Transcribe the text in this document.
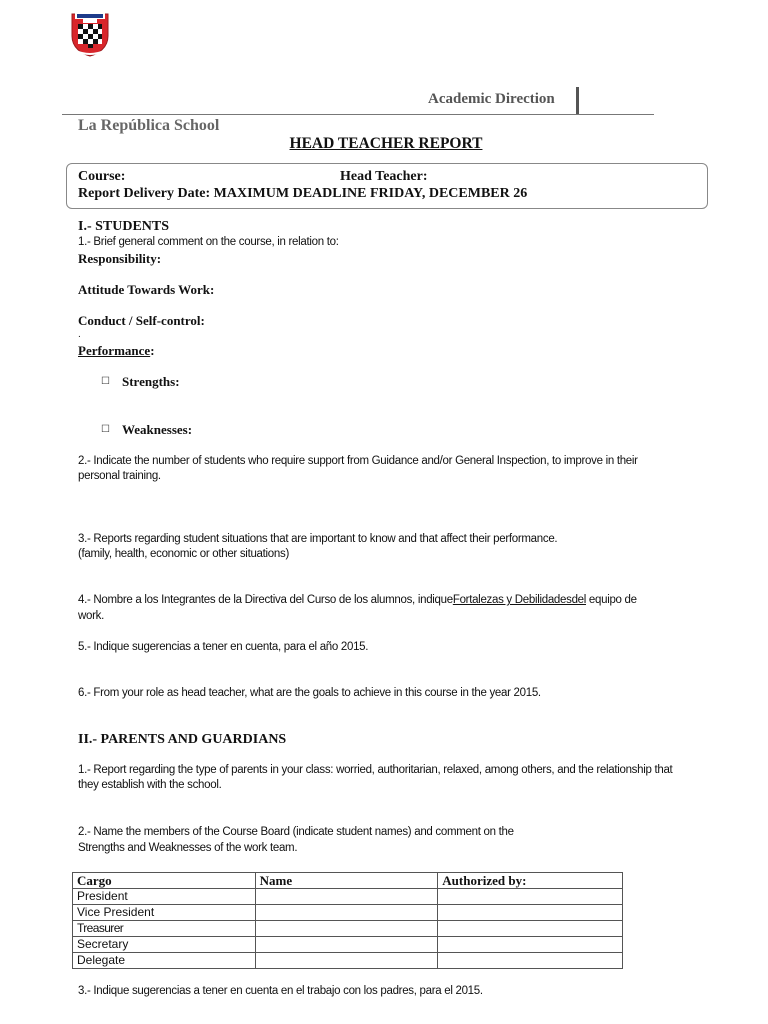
Academic Direction
La República School
HEAD TEACHER REPORT
Course:	Head Teacher:
Report Delivery Date: MAXIMUM DEADLINE FRIDAY, DECEMBER 26
I.- STUDENTS
1.- Brief general comment on the course, in relation to:
Responsibility:
Attitude Towards Work:
Conduct / Self-control:
.
Performance:
☐ Strengths:
☐ Weaknesses:
2.- Indicate the number of students who require support from Guidance and/or General Inspection, to improve in their
personal training.
3.- Reports regarding student situations that are important to know and that affect their performance.
(family, health, economic or other situations)
4.- Nombre a los Integrantes de la Directiva del Curso de los alumnos, indiqueFortalezas y Debilidadesdel equipo de
work.
5.- Indique sugerencias a tener en cuenta, para el año 2015.
6.- From your role as head teacher, what are the goals to achieve in this course in the year 2015.
II.- PARENTS AND GUARDIANS
1.- Report regarding the type of parents in your class: worried, authoritarian, relaxed, among others, and the relationship that
they establish with the school.
2.- Name the members of the Course Board (indicate student names) and comment on the
Strengths and Weaknesses of the work team.
Cargo	Name	Authorized by:
President		
Vice President		
Treasurer		
Secretary		
Delegate		
3.- Indique sugerencias a tener en cuenta en el trabajo con los padres, para el 2015.
